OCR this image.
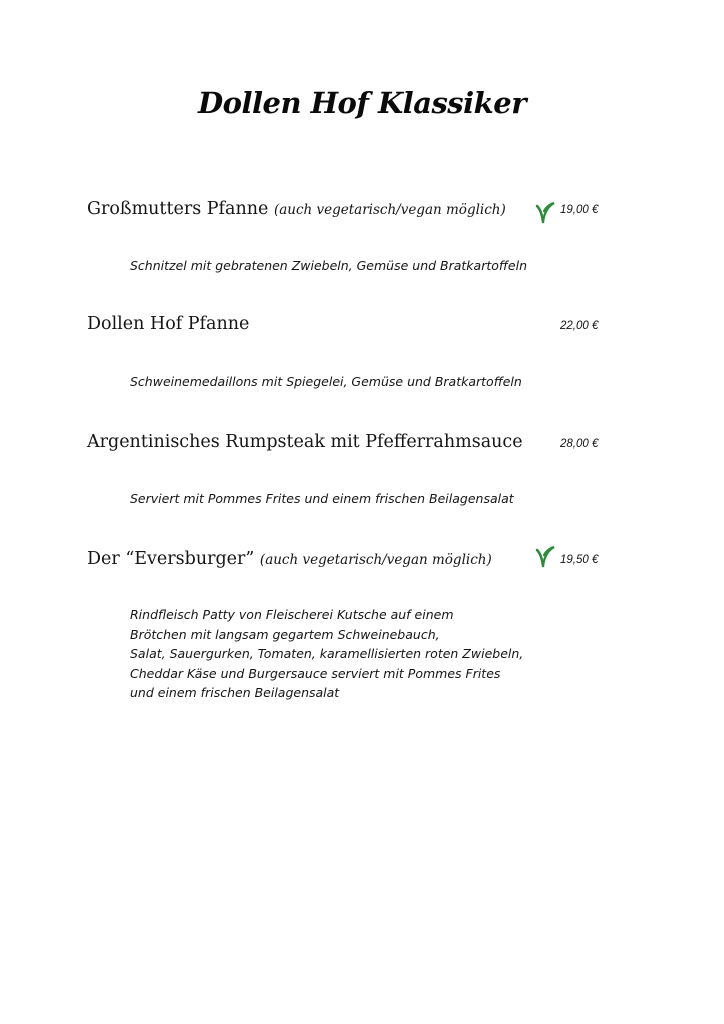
Dollen Hof Klassiker
Großmutters Pfanne (auch vegetarisch/vegan möglich)	19,00 €
Schnitzel mit gebratenen Zwiebeln, Gemüse und Bratkartoffeln
Dollen Hof Pfanne	22,00 €
Schweinemedaillons mit Spiegelei, Gemüse und Bratkartoffeln
Argentinisches Rumpsteak mit Pfefferrahmsauce	28,00 €
Serviert mit Pommes Frites und einem frischen Beilagensalat
Der “Eversburger” (auch vegetarisch/vegan möglich)	19,50 €
Rindfleisch Patty von Fleischerei Kutsche auf einem
Brötchen mit langsam gegartem Schweinebauch,
Salat, Sauergurken, Tomaten, karamellisierten roten Zwiebeln,
Cheddar Käse und Burgersauce serviert mit Pommes Frites
und einem frischen Beilagensalat
